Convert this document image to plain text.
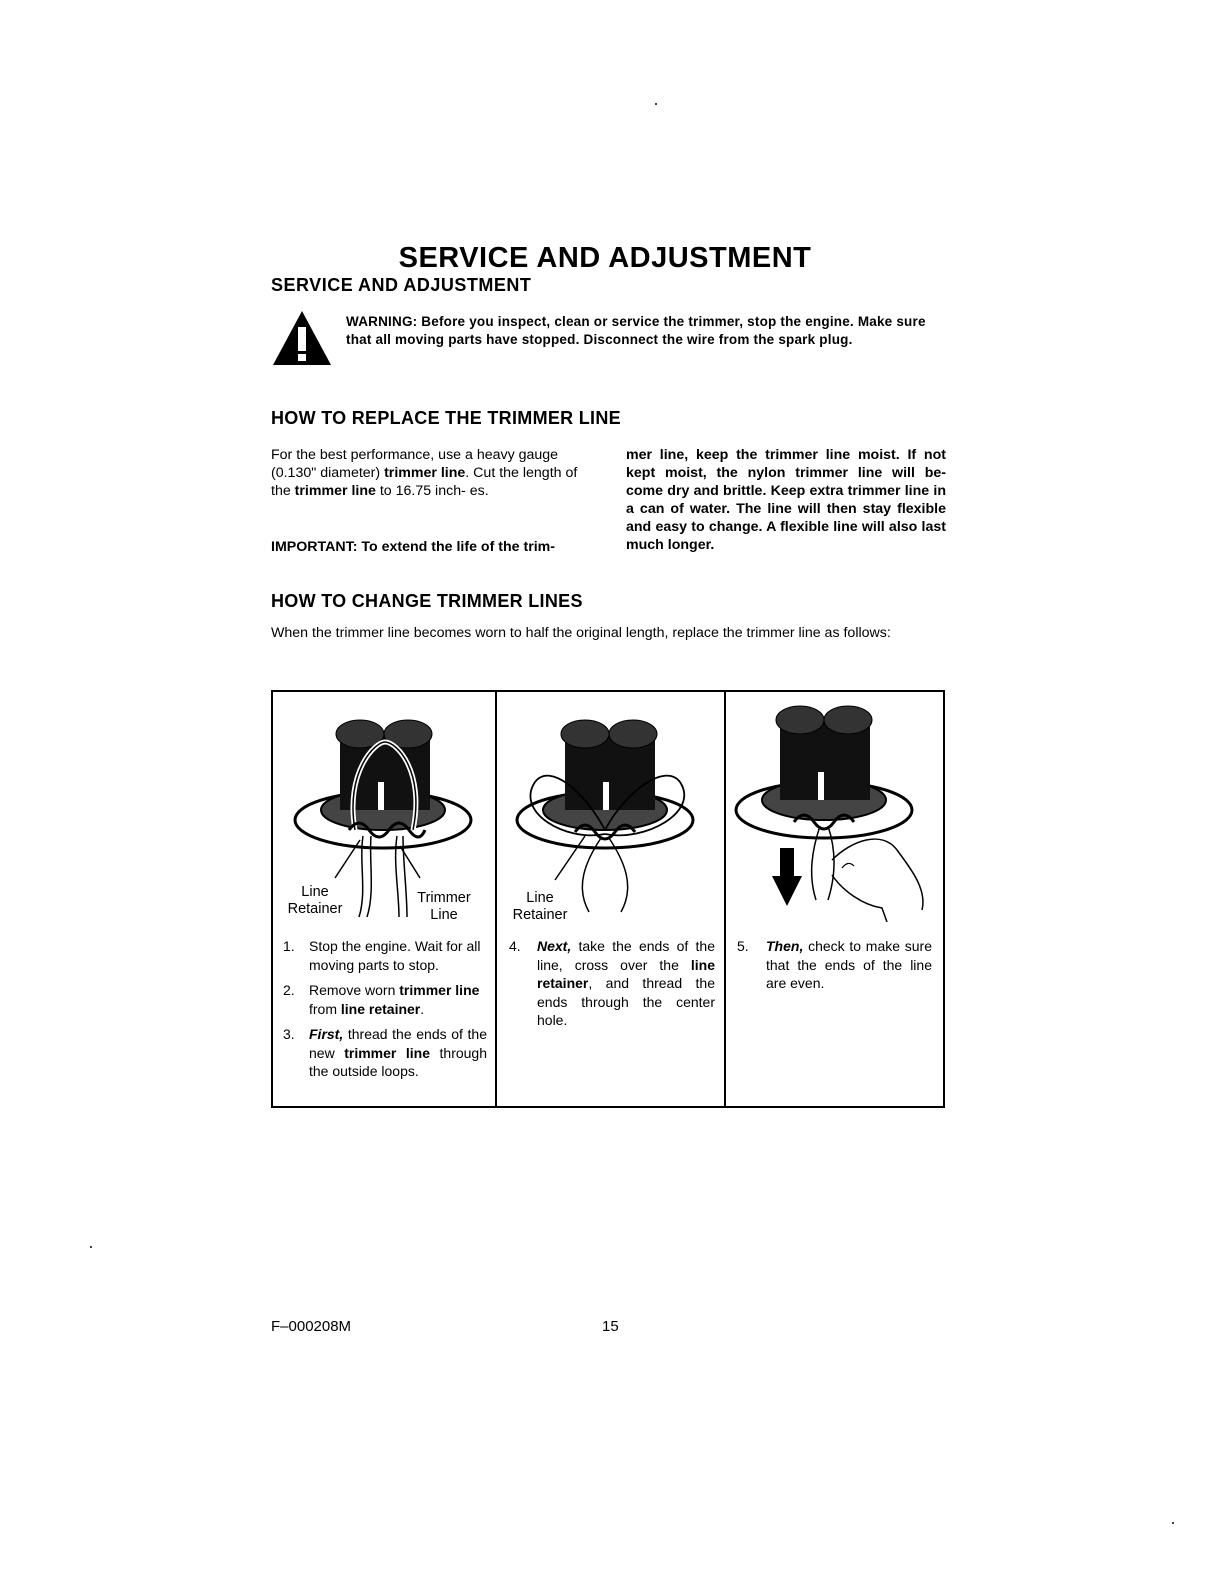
SERVICE AND ADJUSTMENT
SERVICE AND ADJUSTMENT
WARNING: Before you inspect, clean or service the trimmer, stop the engine. Make sure that all moving parts have stopped. Disconnect the wire from the spark plug.
HOW TO REPLACE THE TRIMMER LINE
For the best performance, use a heavy gauge (0.130" diameter) trimmer line. Cut the length of the trimmer line to 16.75 inch- es.
IMPORTANT: To extend the life of the trim-
mer line, keep the trimmer line moist. If not kept moist, the nylon trimmer line will be- come dry and brittle. Keep extra trimmer line in a can of water. The line will then stay flexible and easy to change. A flexible line will also last much longer.
HOW TO CHANGE TRIMMER LINES
When the trimmer line becomes worn to half the original length, replace the trimmer line as follows:
Line Retainer
Trimmer Line
Line Retainer
1. Stop the engine. Wait for all moving parts to stop.
2. Remove worn trimmer line from line retainer.
3. First, thread the ends of the new trimmer line through the outside loops.
4. Next, take the ends of the line, cross over the line retainer, and thread the ends through the center hole.
5. Then, check to make sure that the ends of the line are even.
F–000208M	15
